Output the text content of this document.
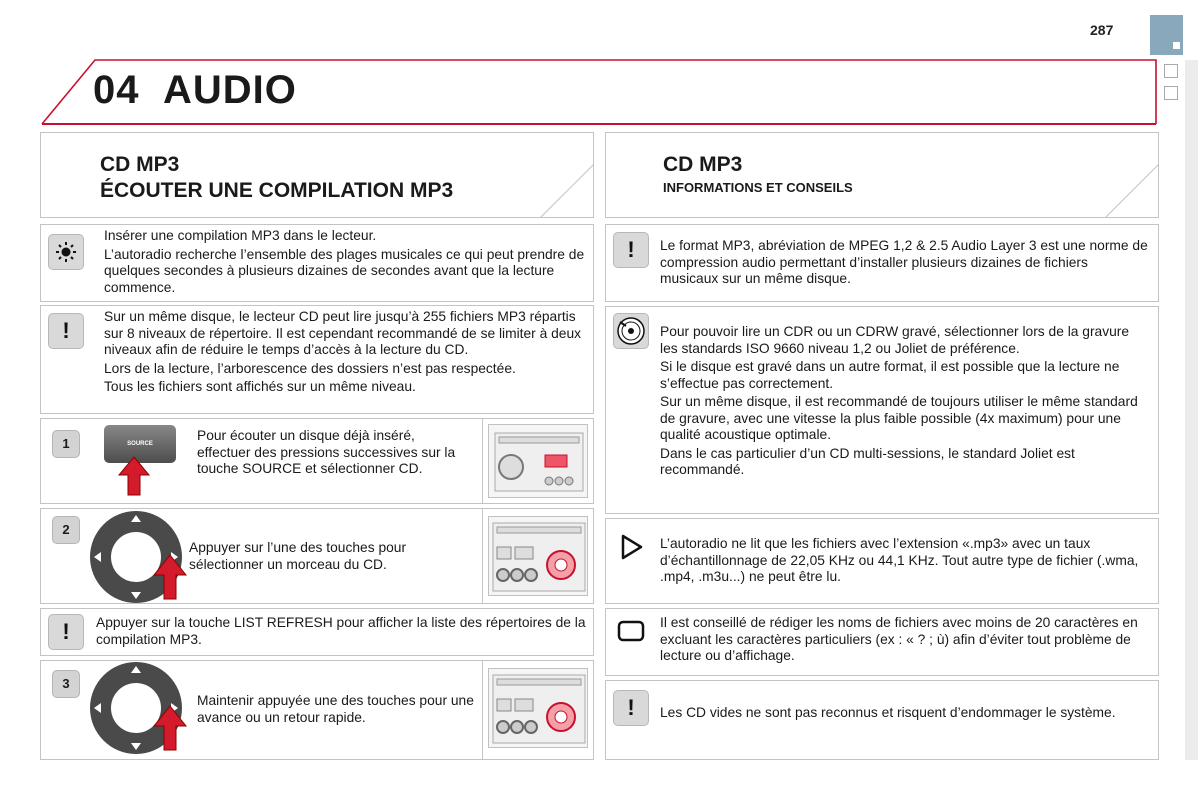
287
04 AUDIO
CD MP3
ÉCOUTER UNE COMPILATION MP3

Insérer une compilation MP3 dans le lecteur.

L’autoradio recherche l’ensemble des plages musicales ce qui peut prendre de quelques secondes à plusieurs dizaines de secondes avant que la lecture commence.

!

Sur un même disque, le lecteur CD peut lire jusqu’à 255 fichiers MP3 répartis sur 8 niveaux de répertoire. Il est cependant recommandé de se limiter à deux niveaux afin de réduire le temps d’accès à la lecture du CD.

Lors de la lecture, l’arborescence des dossiers n’est pas respectée.

Tous les fichiers sont affichés sur un même niveau.

1	SOURCE
Pour écouter un disque déjà inséré, effectuer des pressions successives sur la touche SOURCE et sélectionner CD.
2
Appuyer sur l’une des touches pour sélectionner un morceau du CD.
!	Appuyer sur la touche LIST REFRESH pour afficher la liste des répertoires de la compilation MP3.
3
Maintenir appuyée une des touches pour une avance ou un retour rapide.
CD MP3
INFORMATIONS ET CONSEILS
!	Le format MP3, abréviation de MPEG 1,2 & 2.5 Audio Layer 3 est une norme de compression audio permettant d’installer plusieurs dizaines de fichiers musicaux sur un même disque.

Pour pouvoir lire un CDR ou un CDRW gravé, sélectionner lors de la gravure les standards ISO 9660 niveau 1,2 ou Joliet de préférence.

Si le disque est gravé dans un autre format, il est possible que la lecture ne s’effectue pas correctement.

Sur un même disque, il est recommandé de toujours utiliser le même standard de gravure, avec une vitesse la plus faible possible (4x maximum) pour une qualité acoustique optimale.

Dans le cas particulier d’un CD multi-sessions, le standard Joliet est recommandé.

L’autoradio ne lit que les fichiers avec l’extension «.mp3» avec un taux d’échantillonnage de 22,05 KHz ou 44,1 KHz. Tout autre type de fichier (.wma, .mp4, .m3u...) ne peut être lu.

Il est conseillé de rédiger les noms de fichiers avec moins de 20 caractères en excluant les caractères particuliers (ex : « ? ; ù) afin d’éviter tout problème de lecture ou d’affichage.

!	Les CD vides ne sont pas reconnus et risquent d’endommager le système.
